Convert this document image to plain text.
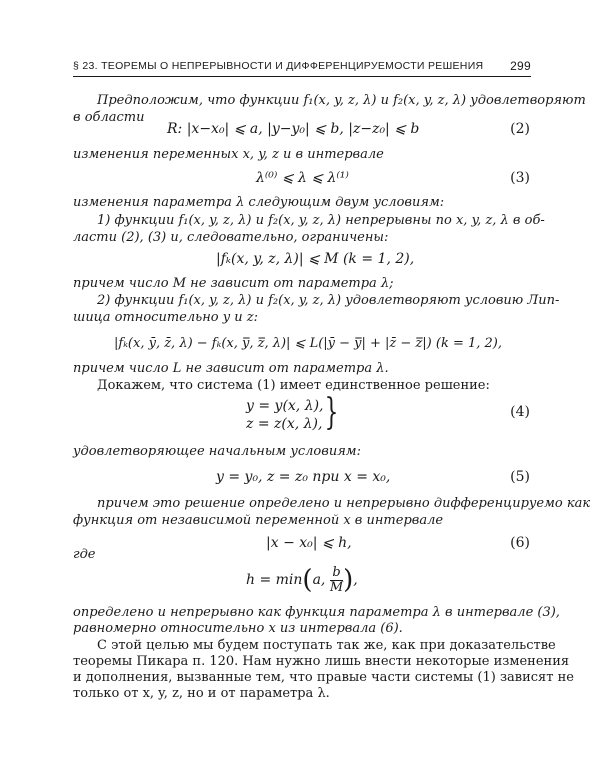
§ 23. ТЕОРЕМЫ О НЕПРЕРЫВНОСТИ И ДИФФЕРЕНЦИРУЕМОСТИ РЕШЕНИЯ 299
Предположим, что функции f₁(x, y, z, λ) и f₂(x, y, z, λ) удовлетворяют
в области
R: |x−x₀| ⩽ a, |y−y₀| ⩽ b, |z−z₀| ⩽ b	(2)
изменения переменных x, y, z и в интервале
λ⁽⁰⁾ ⩽ λ ⩽ λ⁽¹⁾	(3)
изменения параметра λ следующим двум условиям:
1) функции f₁(x, y, z, λ) и f₂(x, y, z, λ) непрерывны по x, y, z, λ в об-
ласти (2), (3) и, следовательно, ограничены:
|fₖ(x, y, z, λ)| ⩽ M (k = 1, 2),
причем число M не зависит от параметра λ;
2) функции f₁(x, y, z, λ) и f₂(x, y, z, λ) удовлетворяют условию Лип-
шица относительно y и z:
|fₖ(x, ȳ, z̄, λ) − fₖ(x, y̿, z̿, λ)| ⩽ L(|ȳ − y̿| + |z̄ − z̿|) (k = 1, 2),
причем число L не зависит от параметра λ.
Докажем, что система (1) имеет единственное решение:
y = y(x, λ),
z = z(x, λ), }	(4)
удовлетворяющее начальным условиям:
y = y₀, z = z₀ при x = x₀,	(5)
причем это решение определено и непрерывно дифференцируемо как
функция от независимой переменной x в интервале
|x − x₀| ⩽ h,	(6)
где
h = min(a, $\frac{b}{M}$ ),
определено и непрерывно как функция параметра λ в интервале (3),
равномерно относительно x из интервала (6).
С этой целью мы будем поступать так же, как при доказательстве
теоремы Пикара п. 120. Нам нужно лишь внести некоторые изменения
и дополнения, вызванные тем, что правые части системы (1) зависят не
только от x, y, z, но и от параметра λ.
